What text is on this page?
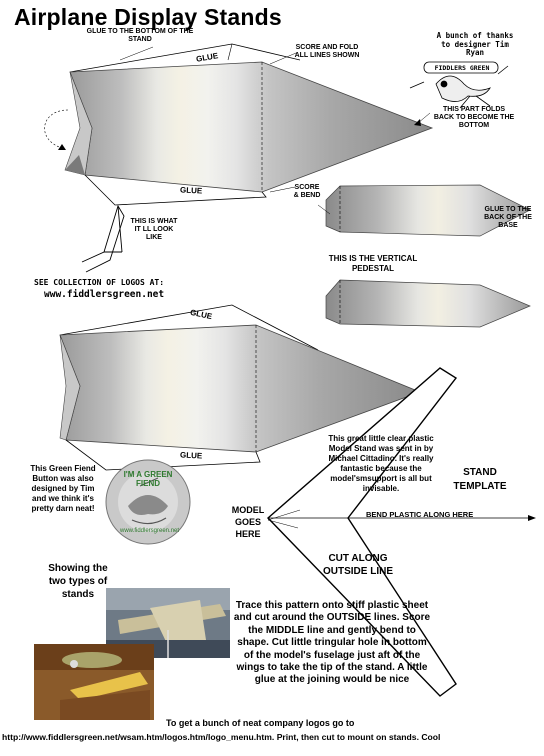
Airplane Display Stands
GLUE TO THE BOTTOM OF THE STAND
SCORE AND FOLD ALL LINES SHOWN
A bunch of thanks to designer Tim Ryan
FIDDLERS GREEN
THIS PART FOLDS BACK TO BECOME THE BOTTOM
GLUE
GLUE
GLUE
GLUE
SCORE & BEND
GLUE TO THE BACK OF THE BASE
THIS IS WHAT IT LL LOOK LIKE
THIS IS THE VERTICAL PEDESTAL
SEE COLLECTION OF LOGOS AT:
www.fiddlersgreen.net
This great little clear plastic Model Stand was sent in by Michael Cittadino. It's really fantastic because the model'smsupport is all but invisable.
This Green Fiend Button was also designed by Tim and we think it's pretty darn neat!
I'M A GREEN FIEND
www.fiddlersgreen.net
STAND TEMPLATE
MODEL GOES HERE
BEND PLASTIC ALONG HERE
CUT ALONG OUTSIDE LINE
Showing the two types of stands
Trace this pattern onto stiff plastic sheet and cut around the OUTSIDE lines. Score the MIDDLE line and gently bend to shape. Cut little tringular hole in bottom of the model's fuselage just aft of the wings to take the tip of the stand. A little glue at the joining would be nice
To get a bunch of neat company logos go to
http://www.fiddlersgreen.net/wsam.htm/logos.htm/logo_menu.htm. Print, then cut to mount on stands. Cool
